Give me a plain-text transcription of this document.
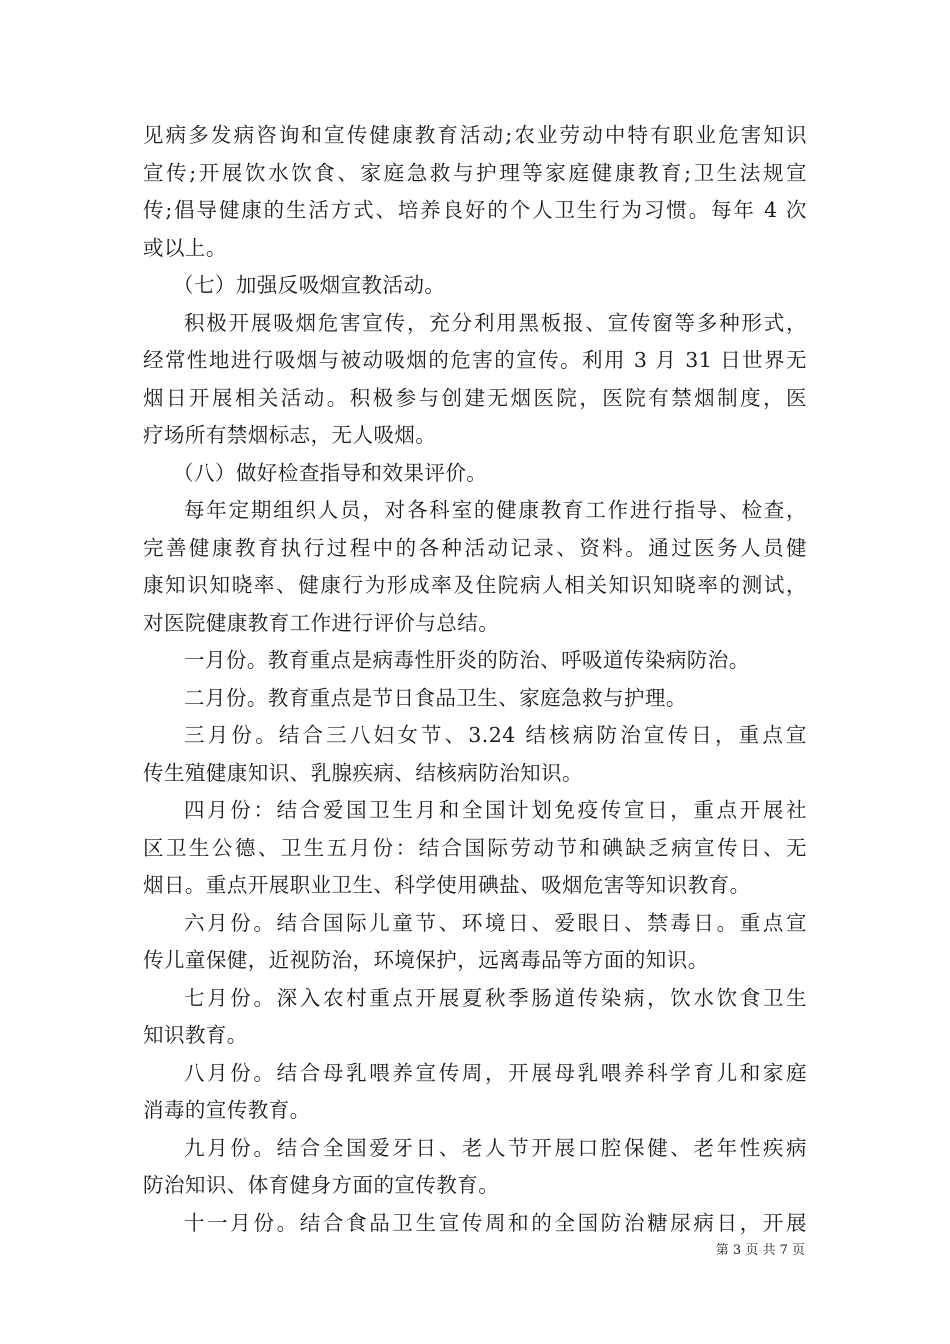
见病多发病咨询和宣传健康教育活动;农业劳动中特有职业危害知识
宣传;开展饮水饮食、家庭急救与护理等家庭健康教育;卫生法规宣
传;倡导健康的生活方式、培养良好的个人卫生行为习惯。每年 4 次
或以上。
（七）加强反吸烟宣教活动。
积极开展吸烟危害宣传，充分利用黑板报、宣传窗等多种形式，
经常性地进行吸烟与被动吸烟的危害的宣传。利用 3 月 31 日世界无
烟日开展相关活动。积极参与创建无烟医院，医院有禁烟制度，医
疗场所有禁烟标志，无人吸烟。
（八）做好检查指导和效果评价。
每年定期组织人员，对各科室的健康教育工作进行指导、检查，
完善健康教育执行过程中的各种活动记录、资料。通过医务人员健
康知识知晓率、健康行为形成率及住院病人相关知识知晓率的测试，
对医院健康教育工作进行评价与总结。
一月份。教育重点是病毒性肝炎的防治、呼吸道传染病防治。
二月份。教育重点是节日食品卫生、家庭急救与护理。
三月份。结合三八妇女节、3.24 结核病防治宣传日，重点宣
传生殖健康知识、乳腺疾病、结核病防治知识。
四月份：结合爱国卫生月和全国计划免疫传宣日，重点开展社
区卫生公德、卫生五月份：结合国际劳动节和碘缺乏病宣传日、无
烟日。重点开展职业卫生、科学使用碘盐、吸烟危害等知识教育。
六月份。结合国际儿童节、环境日、爱眼日、禁毒日。重点宣
传儿童保健，近视防治，环境保护，远离毒品等方面的知识。
七月份。深入农村重点开展夏秋季肠道传染病，饮水饮食卫生
知识教育。
八月份。结合母乳喂养宣传周，开展母乳喂养科学育儿和家庭
消毒的宣传教育。
九月份。结合全国爱牙日、老人节开展口腔保健、老年性疾病
防治知识、体育健身方面的宣传教育。
十一月份。结合食品卫生宣传周和的全国防治糖尿病日，开展
第 3 页 共 7 页
